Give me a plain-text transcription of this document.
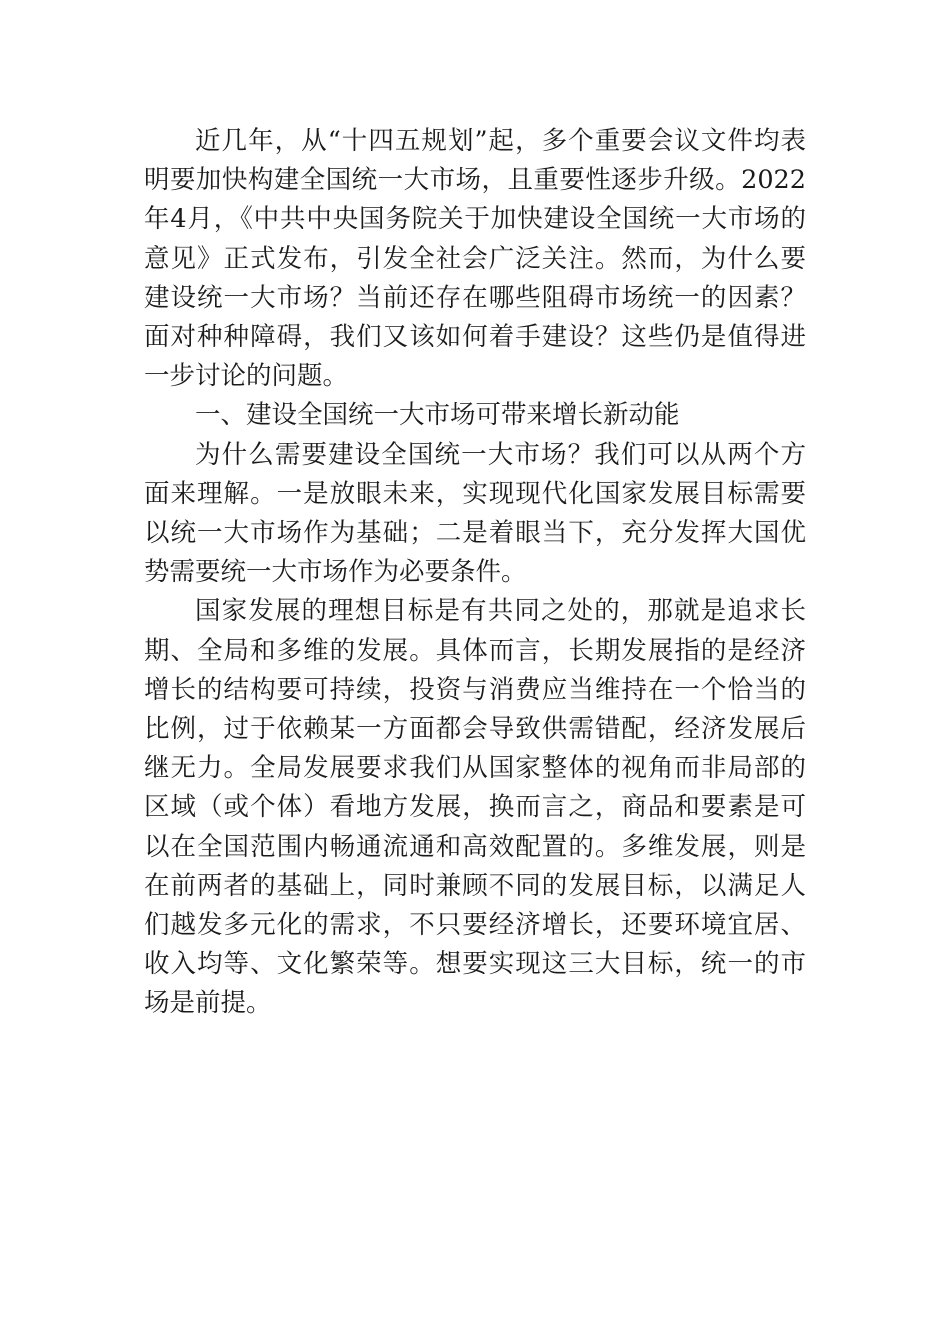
近几年，从“十四五规划”起，多个重要会议文件均表明要加快构建全国统一大市场，且重要性逐步升级。2022年4月，《中共中央国务院关于加快建设全国统一大市场的意见》正式发布，引发全社会广泛关注。然而，为什么要建设统一大市场？当前还存在哪些阻碍市场统一的因素？面对种种障碍，我们又该如何着手建设？这些仍是值得进一步讨论的问题。

一、建设全国统一大市场可带来增长新动能

为什么需要建设全国统一大市场？我们可以从两个方面来理解。一是放眼未来，实现现代化国家发展目标需要以统一大市场作为基础；二是着眼当下，充分发挥大国优势需要统一大市场作为必要条件。

国家发展的理想目标是有共同之处的，那就是追求长期、全局和多维的发展。具体而言，长期发展指的是经济增长的结构要可持续，投资与消费应当维持在一个恰当的比例，过于依赖某一方面都会导致供需错配，经济发展后继无力。全局发展要求我们从国家整体的视角而非局部的区域（或个体）看地方发展，换而言之，商品和要素是可以在全国范围内畅通流通和高效配置的。多维发展，则是在前两者的基础上，同时兼顾不同的发展目标，以满足人们越发多元化的需求，不只要经济增长，还要环境宜居、收入均等、文化繁荣等。想要实现这三大目标，统一的市场是前提。
